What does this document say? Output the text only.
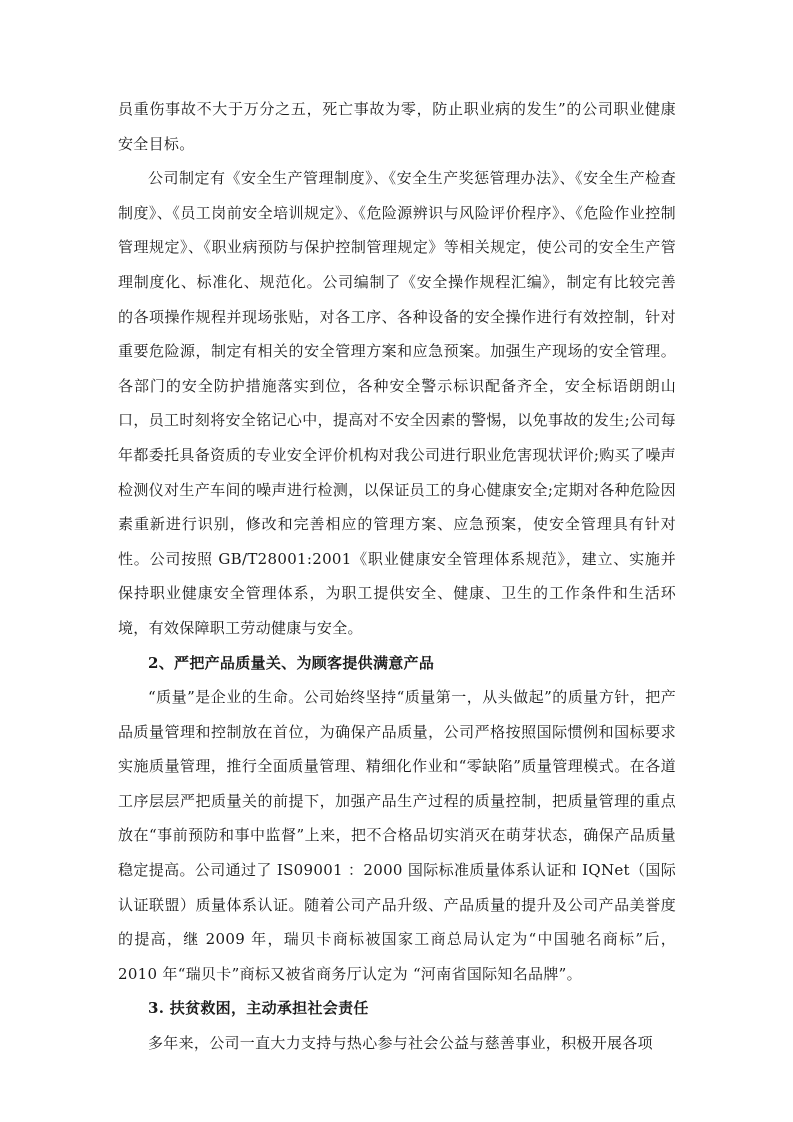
员重伤事故不大于万分之五，死亡事故为零，防止职业病的发生”的公司职业健康安全目标。

公司制定有《安全生产管理制度》、《安全生产奖惩管理办法》、《安全生产检查制度》、《员工岗前安全培训规定》、《危险源辨识与风险评价程序》、《危险作业控制管理规定》、《职业病预防与保护控制管理规定》等相关规定，使公司的安全生产管理制度化、标准化、规范化。公司编制了《安全操作规程汇编》，制定有比较完善的各项操作规程并现场张贴，对各工序、各种设备的安全操作进行有效控制，针对重要危险源，制定有相关的安全管理方案和应急预案。加强生产现场的安全管理。各部门的安全防护措施落实到位，各种安全警示标识配备齐全，安全标语朗朗山口，员工时刻将安全铭记心中，提高对不安全因素的警惕，以免事故的发生;公司每年都委托具备资质的专业安全评价机构对我公司进行职业危害现状评价;购买了噪声检测仪对生产车间的噪声进行检测，以保证员工的身心健康安全;定期对各种危险因素重新进行识别，修改和完善相应的管理方案、应急预案，使安全管理具有针对性。公司按照 GB/T28001:2001《职业健康安全管理体系规范》，建立、实施并保持职业健康安全管理体系，为职工提供安全、健康、卫生的工作条件和生活环境，有效保障职工劳动健康与安全。

2、严把产品质量关、为顾客提供满意产品

“质量”是企业的生命。公司始终坚持“质量第一，从头做起”的质量方针，把产品质量管理和控制放在首位，为确保产品质量，公司严格按照国际惯例和国标要求实施质量管理，推行全面质量管理、精细化作业和“零缺陷”质量管理模式。在各道工序层层严把质量关的前提下，加强产品生产过程的质量控制，把质量管理的重点放在“事前预防和事中监督”上来，把不合格品切实消灭在萌芽状态，确保产品质量稳定提高。公司通过了 IS09001 ：2000 国际标准质量体系认证和 IQNet（国际认证联盟）质量体系认证。随着公司产品升级、产品质量的提升及公司产品美誉度的提高，继 2009 年，瑞贝卡商标被国家工商总局认定为“中国驰名商标”后，2010 年“瑞贝卡”商标又被省商务厅认定为 “河南省国际知名品牌”。

3. 扶贫救困，主动承担社会责任

多年来，公司一直大力支持与热心参与社会公益与慈善事业，积极开展各项
